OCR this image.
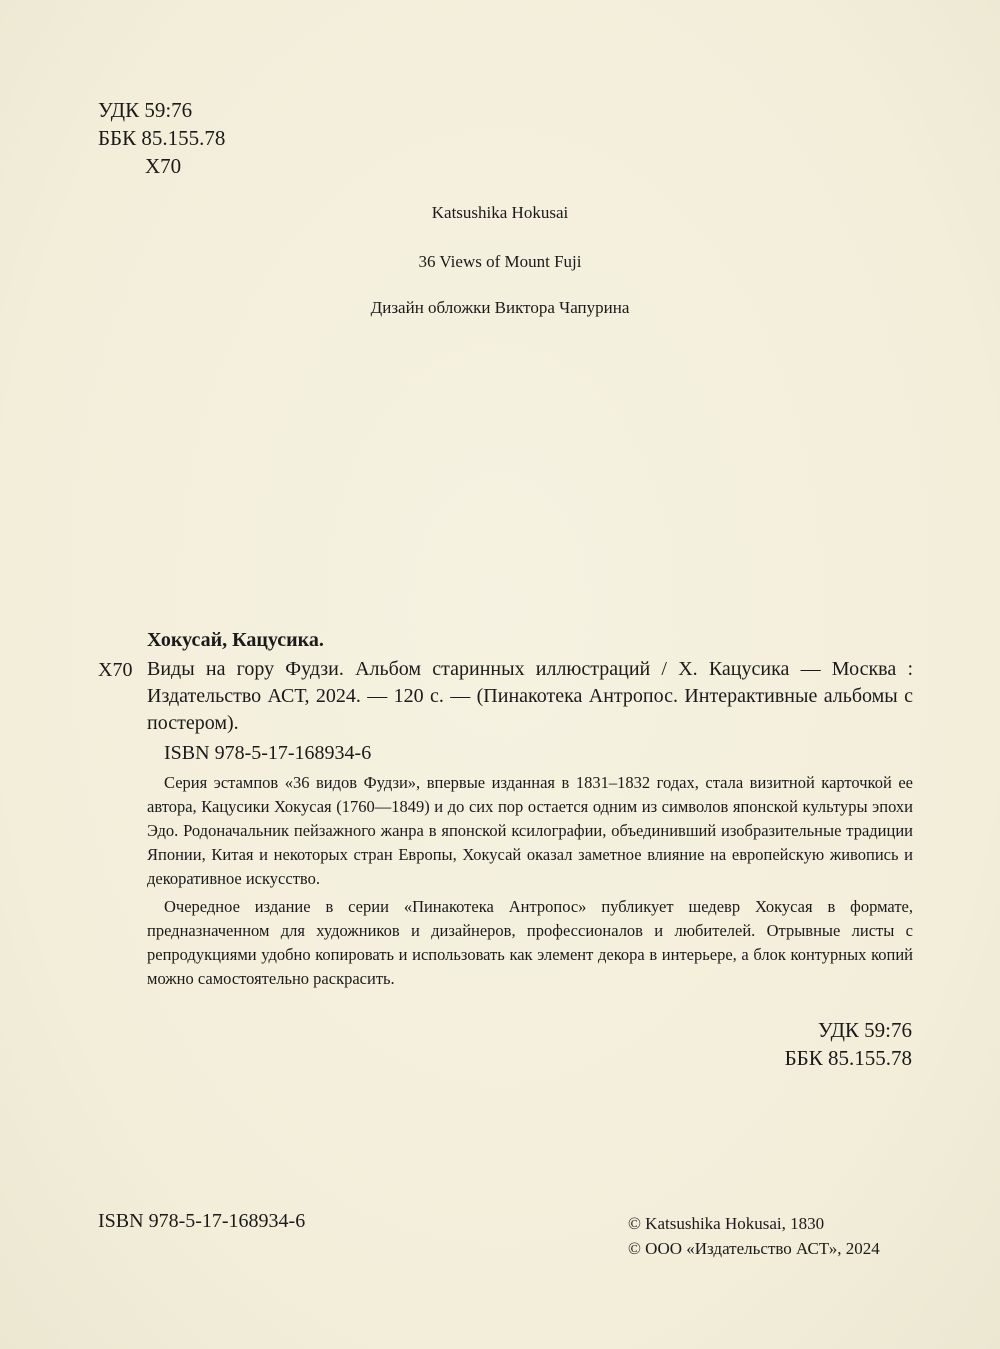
УДК 59:76
ББК 85.155.78
Х70
Katsushika Hokusai
36 Views of Mount Fuji
Дизайн обложки Виктора Чапурина
Хокусай, Кацусика.
Х70 Виды на гору Фудзи. Альбом старинных иллюстраций / Х. Кацусика — Москва : Издательство АСТ, 2024. — 120 с. — (Пинакотека Антропос. Интерактивные альбомы с постером).
ISBN 978-5-17-168934-6

Серия эстампов «36 видов Фудзи», впервые изданная в 1831–1832 годах, стала визитной карточкой ее автора, Кацусики Хокусая (1760—1849) и до сих пор остается одним из символов японской культуры эпохи Эдо. Родоначальник пейзажного жанра в японской ксилографии, объединивший изобразительные традиции Японии, Китая и некоторых стран Европы, Хокусай оказал заметное влияние на европейскую живопись и декоративное искусство.

Очередное издание в серии «Пинакотека Антропос» публикует шедевр Хокусая в формате, предназначенном для художников и дизайнеров, профессионалов и любителей. Отрывные листы с репродукциями удобно копировать и использовать как элемент декора в интерьере, а блок контурных копий можно самостоятельно раскрасить.

УДК 59:76
ББК 85.155.78
ISBN 978-5-17-168934-6	© Katsushika Hokusai, 1830
© ООО «Издательство АСТ», 2024
